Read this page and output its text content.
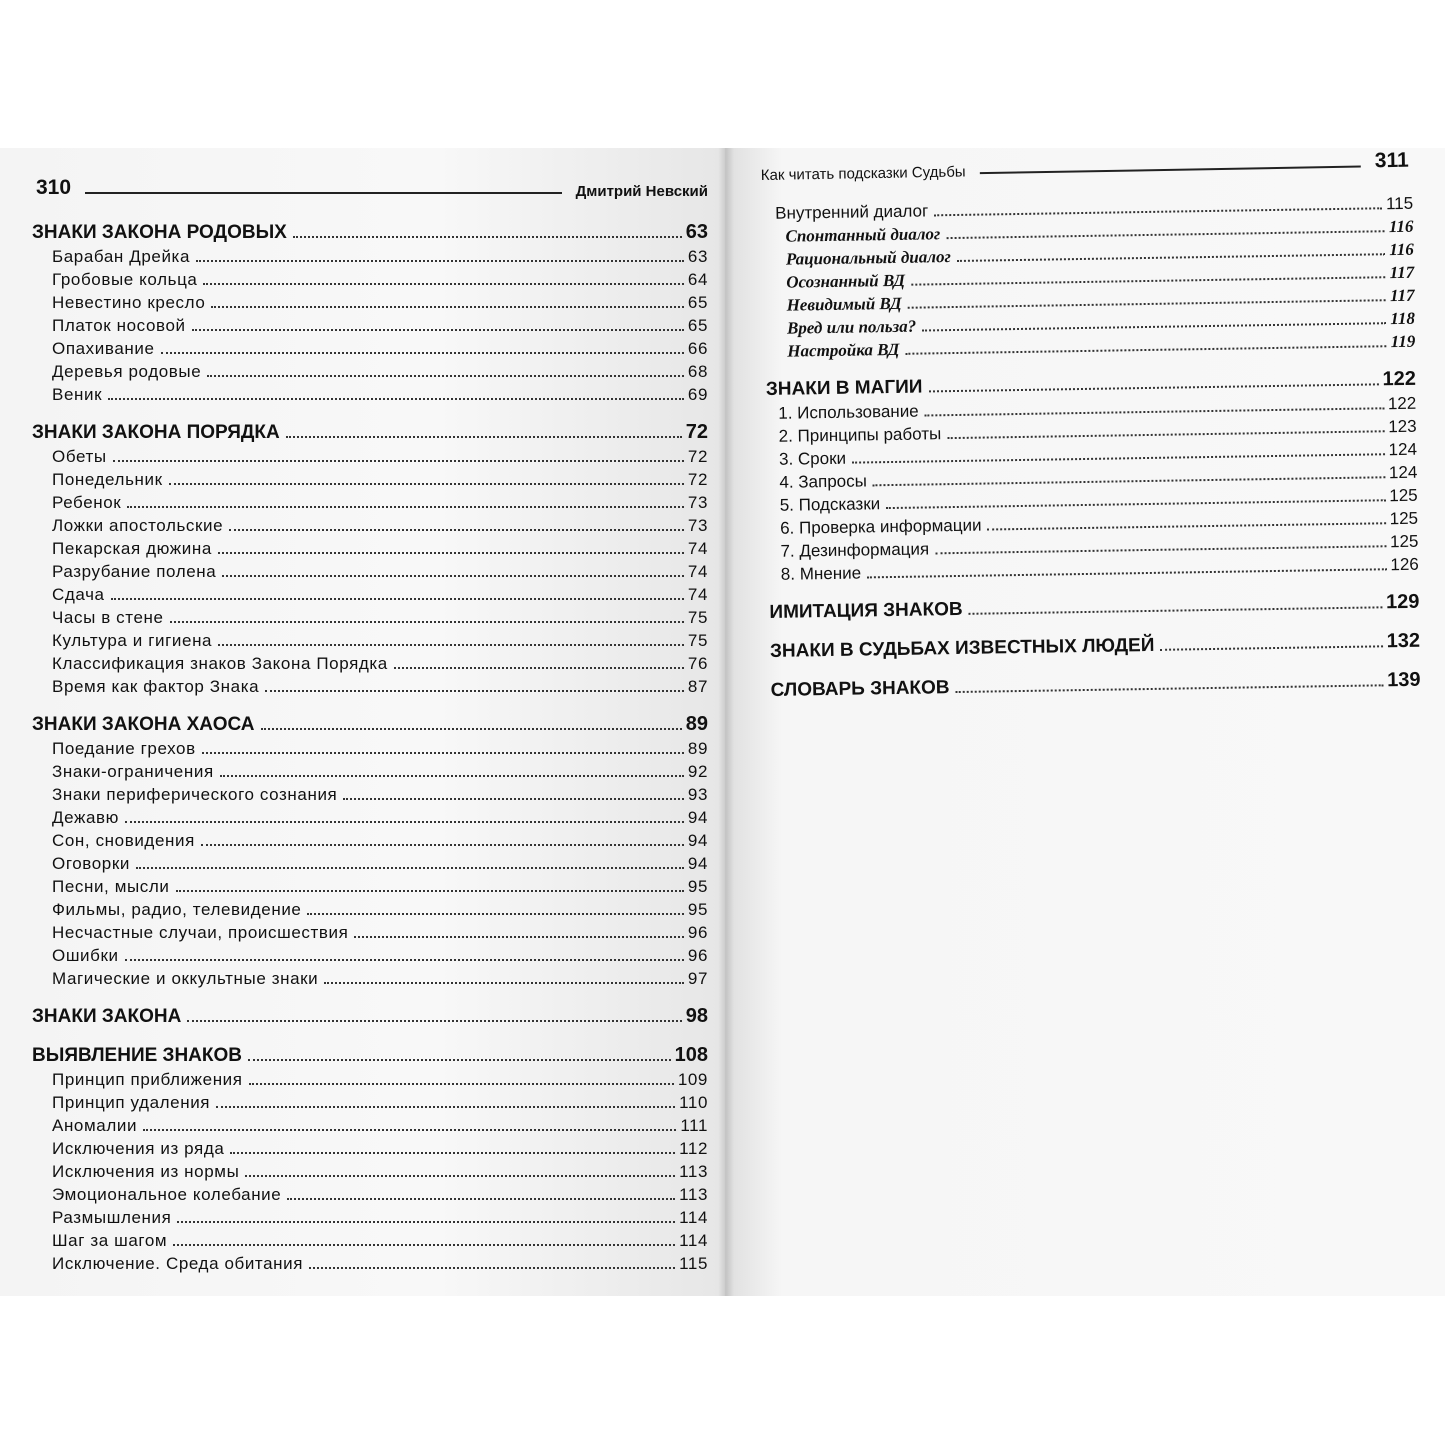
310	Дмитрий Невский
ЗНАКИ ЗАКОНА РОДОВЫХ	63
Барабан Дрейка	63
Гробовые кольца	64
Невестино кресло	65
Платок носовой	65
Опахивание	66
Деревья родовые	68
Веник	69
ЗНАКИ ЗАКОНА ПОРЯДКА	72
Обеты	72
Понедельник	72
Ребенок	73
Ложки апостольские	73
Пекарская дюжина	74
Разрубание полена	74
Сдача	74
Часы в стене	75
Культура и гигиена	75
Классификация знаков Закона Порядка	76
Время как фактор Знака	87
ЗНАКИ ЗАКОНА ХАОСА	89
Поедание грехов	89
Знаки-ограничения	92
Знаки периферического сознания	93
Дежавю	94
Сон, сновидения	94
Оговорки	94
Песни, мысли	95
Фильмы, радио, телевидение	95
Несчастные случаи, происшествия	96
Ошибки	96
Магические и оккультные знаки	97
ЗНАКИ ЗАКОНА	98
ВЫЯВЛЕНИЕ ЗНАКОВ	108
Принцип приближения	109
Принцип удаления	110
Аномалии	111
Исключения из ряда	112
Исключения из нормы	113
Эмоциональное колебание	113
Размышления	114
Шаг за шагом	114
Исключение. Среда обитания	115
Как читать подсказки Судьбы
311
Внутренний диалог	115
Спонтанный диалог	116
Рациональный диалог	116
Осознанный ВД	117
Невидимый ВД	117
Вред или польза?	118
Настройка ВД	119
ЗНАКИ В МАГИИ	122
1. Использование	122
2. Принципы работы	123
3. Сроки	124
4. Запросы	124
5. Подсказки	125
6. Проверка информации	125
7. Дезинформация	125
8. Мнение	126
ИМИТАЦИЯ ЗНАКОВ	129
ЗНАКИ В СУДЬБАХ ИЗВЕСТНЫХ ЛЮДЕЙ	132
СЛОВАРЬ ЗНАКОВ	139
